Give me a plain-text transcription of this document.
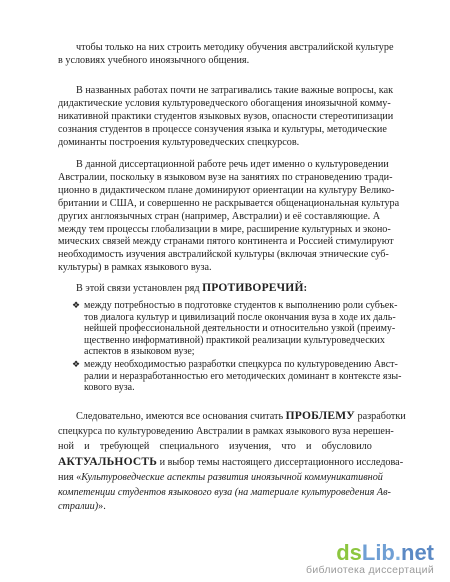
чтобы только на них строить методику обучения австралийской культуре
в условиях учебного иноязычного общения.

В названных работах почти не затрагивались такие важные вопросы, как
дидактические условия культуроведческого обогащения иноязычной комму-
никативной практики студентов языковых вузов, опасности стереотипизации
сознания студентов в процессе сонзучения языка и культуры, методические
доминанты построения культуроведческих спецкурсов.

В данной диссертационной работе речь идет именно о культуроведении
Австралии, поскольку в языковом вузе на занятиях по страноведению тради-
ционно в дидактическом плане доминируют ориентации на культуру Велико-
британии и США, и совершенно не раскрывается общенациональная культура
других англоязычных стран (например, Австралии) и её составляющие. А
между тем процессы глобализации в мире, расширение культурных и эконо-
мических связей между странами пятого континента и Россией стимулируют
необходимость изучения австралийской культуры (включая этнические суб-
культуры) в рамках языкового вуза.

В этой связи установлен ряд ПРОТИВОРЕЧИЙ:

❖ между потребностью в подготовке студентов к выполнению роли субъек-
тов диалога культур и цивилизаций после окончания вуза в ходе их даль-
нейшей профессиональной деятельности и относительно узкой (преиму-
щественно информативной) практикой реализации культуроведческих
аспектов в языковом вузе;
❖ между необходимостью разработки спецкурса по культуроведению Авст-
ралии и неразработанностью его методических доминант в контексте язы-
кового вуза.

Следовательно, имеются все основания считать ПРОБЛЕМУ разработки
спецкурса по культуроведению Австралии в рамках языкового вуза нерешен-
ной    и    требующей    специального    изучения,    что    и    обусловило
АКТУАЛЬНОСТЬ и выбор темы настоящего диссертационного исследова-
ния «Культуроведческие аспекты развития иноязычной коммуникативной
компетенции студентов языкового вуза (на материале культуроведения Ав-
стралии)».

dsLib.net
библиотека диссертаций
